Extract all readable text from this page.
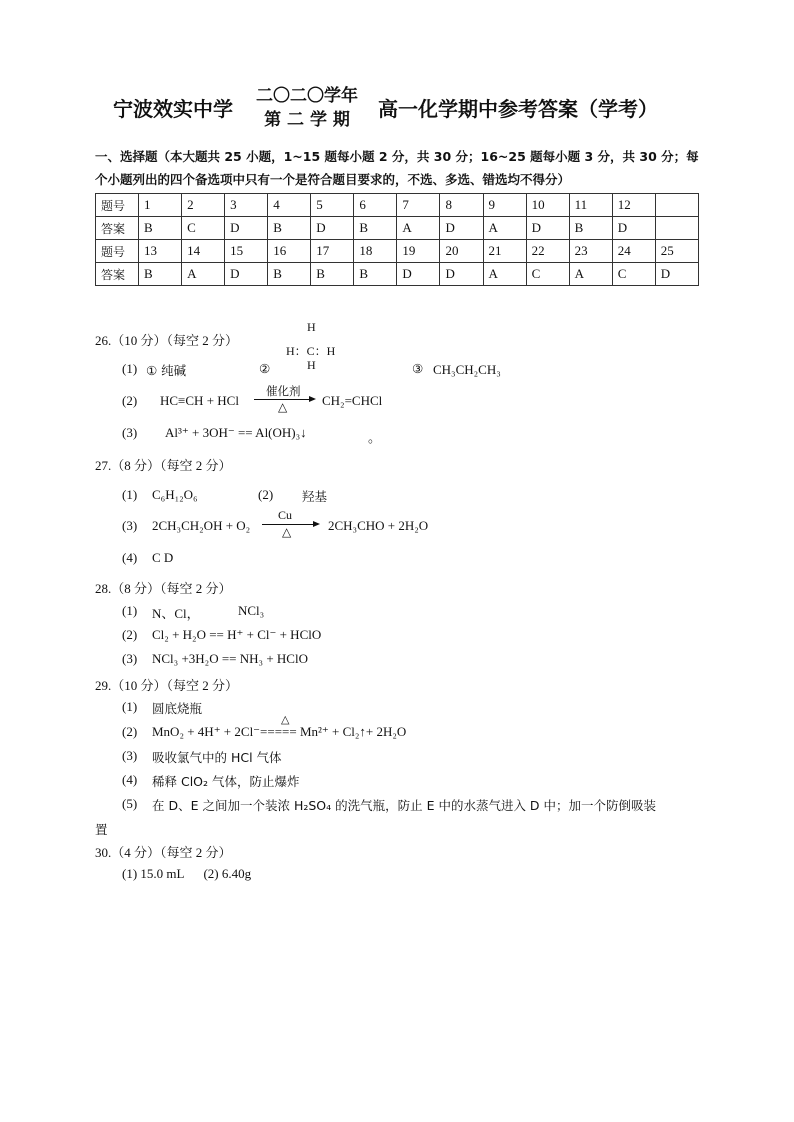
宁波效实中学
二〇二〇学年
第 二 学 期	高一化学期中参考答案（学考）
一、选择题（本大题共 25 小题，1~15 题每小题 2 分，共 30 分；16~25 题每小题 3 分，共 30 分；每
个小题列出的四个备选项中只有一个是符合题目要求的，不选、多选、错选均不得分）
题号	1	2	3	4	5	6	7	8	9	10	11	12	
答案	B	C	D	B	D	B	A	D	A	D	B	D	
题号	13	14	15	16	17	18	19	20	21	22	23	24	25
答案	B	A	D	B	B	B	D	D	A	C	A	C	D
26.（10 分）（每空 2 分）
H
H：C：H
H
(1) ① 纯碱	②	③ CH₃CH₂CH₃
(2) HC≡CH + HCl
催化剂
△	CH₂=CHCl
(3) Al³⁺ + 3OH⁻ == Al(OH)₃↓	。
27.（8 分）（每空 2 分）
(1) C₆H₁₂O₆	(2) 羟基
(3) 2CH₃CH₂OH + O₂
Cu
△	2CH₃CHO + 2H₂O
(4) C D
28.（8 分）（每空 2 分）
(1) N、Cl，	NCl₃
(2) Cl₂ + H₂O == H⁺ + Cl⁻ + HClO
(3) NCl₃ +3H₂O == NH₃ + HClO
29.（10 分）（每空 2 分）
(1) 圆底烧瓶
(2)
△
MnO₂ + 4H⁺ + 2Cl⁻===== Mn²⁺ + Cl₂↑+ 2H₂O
(3) 吸收氯气中的 HCl 气体
(4) 稀释 ClO₂ 气体，防止爆炸
(5) 在 D、E 之间加一个装浓 H₂SO₄ 的洗气瓶，防止 E 中的水蒸气进入 D 中；加一个防倒吸装
置
30.（4 分）（每空 2 分）
(1) 15.0 mL      (2) 6.40g
